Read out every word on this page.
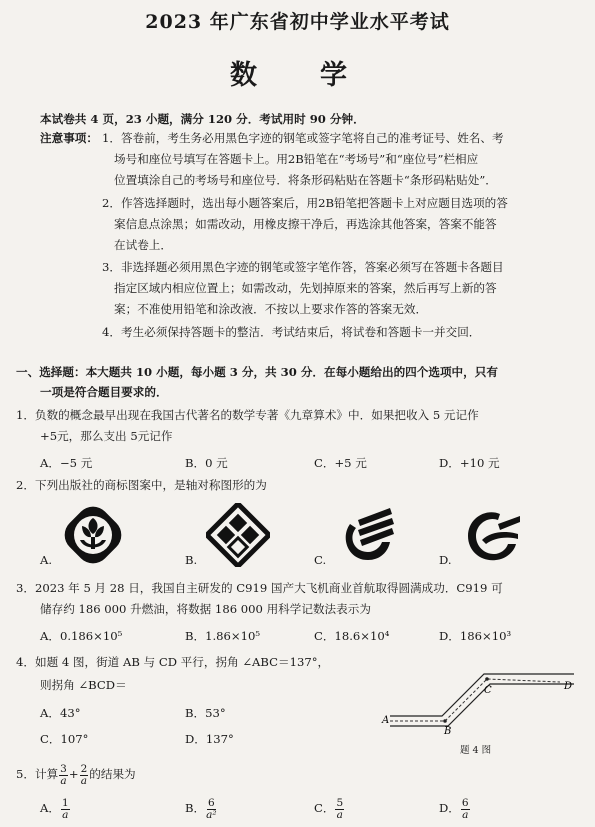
2023 年广东省初中学业水平考试
数　学
本试卷共 4 页，23 小题，满分 120 分．考试用时 90 分钟．
注意事项： 1．答卷前，考生务必用黑色字迹的钢笔或签字笔将自己的准考证号、姓名、考
场号和座位号填写在答题卡上。用2B铅笔在“考场号”和“座位号”栏相应
位置填涂自己的考场号和座位号．将条形码粘贴在答题卡“条形码粘贴处”．
2．作答选择题时，选出每小题答案后，用2B铅笔把答题卡上对应题目选项的答
案信息点涂黑；如需改动，用橡皮擦干净后，再选涂其他答案，答案不能答
在试卷上．
3．非选择题必须用黑色字迹的钢笔或签字笔作答，答案必须写在答题卡各题目
指定区域内相应位置上；如需改动，先划掉原来的答案，然后再写上新的答
案；不准使用铅笔和涂改液．不按以上要求作答的答案无效．
4．考生必须保持答题卡的整洁．考试结束后，将试卷和答题卡一并交回．
一、选择题：本大题共 10 小题，每小题 3 分，共 30 分．在每小题给出的四个选项中，只有
一项是符合题目要求的．
1．负数的概念最早出现在我国古代著名的数学专著《九章算术》中．如果把收入 5 元记作
+5元，那么支出 5元记作
A．−5 元	B．0 元	C．+5 元	D．+10 元
2．下列出版社的商标图案中，是轴对称图形的为
A.	B.	C.	D.
3．2023 年 5 月 28 日，我国自主研发的 C919 国产大飞机商业首航取得圆满成功．C919 可
储存约 186 000 升燃油，将数据 186 000 用科学记数法表示为
A．0.186×10⁵	B．1.86×10⁵	C．18.6×10⁴	D．186×10³
4．如题 4 图，街道 AB 与 CD 平行，拐角 ∠ABC＝137°，
则拐角 ∠BCD＝
A．43°	B．53°
C．107°	D．137°
A
B
C	D
题 4 图
5．计算 $\frac{3}{a} + \frac{2}{a}$ 的结果为
A． $\frac{1}{a}$	B． $\frac{6}{\text{a²}}$	C． $\frac{5}{a}$	D． $\frac{6}{a}$
